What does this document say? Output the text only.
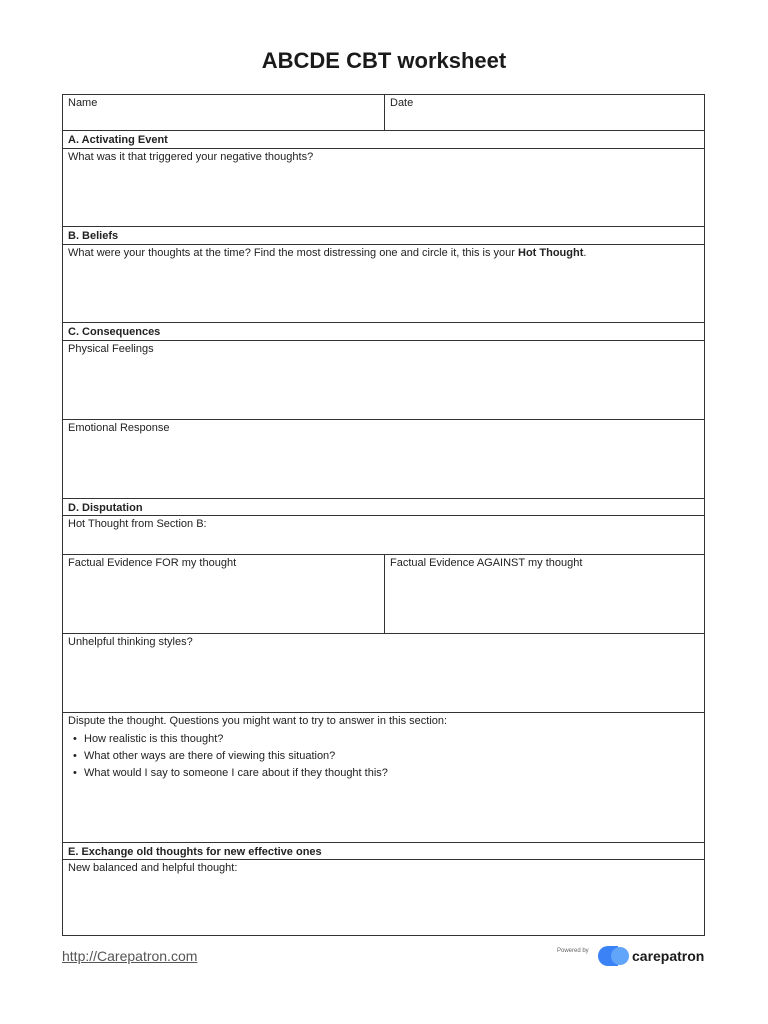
ABCDE CBT worksheet
Name	Date
A. Activating Event
What was it that triggered your negative thoughts?
B. Beliefs
What were your thoughts at the time? Find the most distressing one and circle it, this is your Hot Thought.
C. Consequences
Physical Feelings
Emotional Response
D. Disputation
Hot Thought from Section B:
Factual Evidence FOR my thought	Factual Evidence AGAINST my thought
Unhelpful thinking styles?
Dispute the thought. Questions you might want to try to answer in this section:
• How realistic is this thought?
• What other ways are there of viewing this situation?
• What would I say to someone I care about if they thought this?
E. Exchange old thoughts for new effective ones
New balanced and helpful thought:
http://Carepatron.com	Powered by	carepatron
